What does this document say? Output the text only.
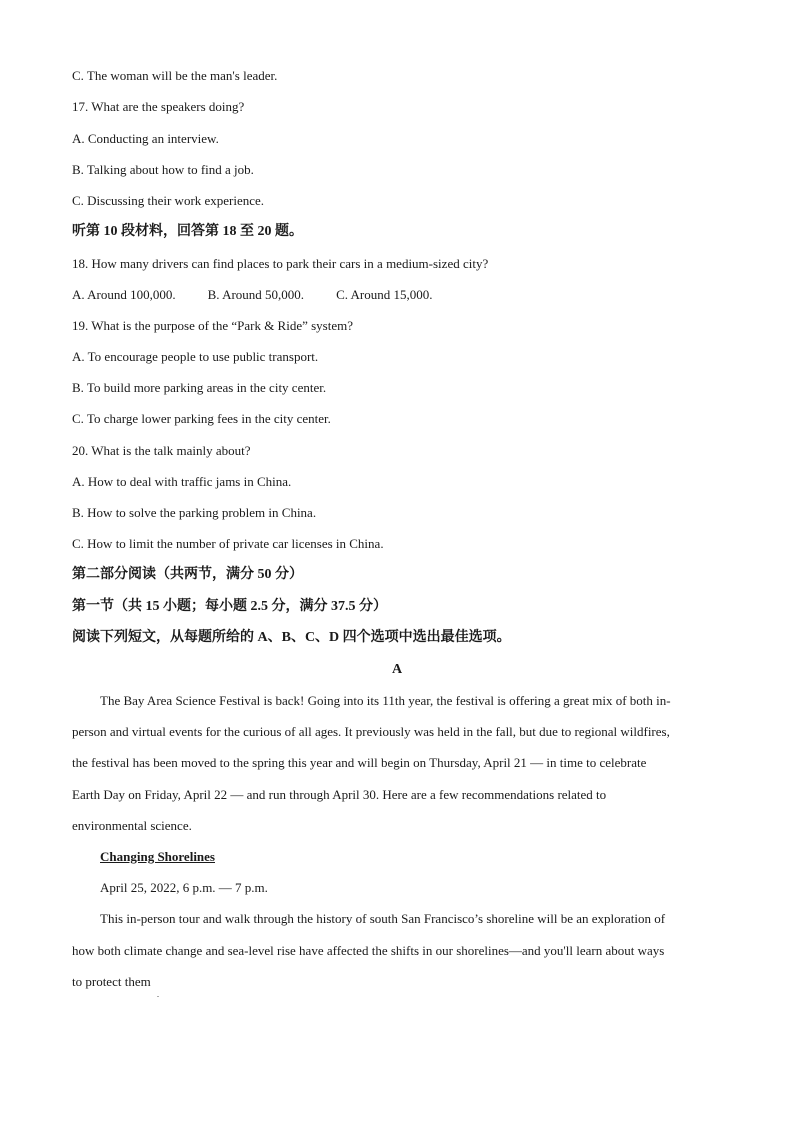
C. The woman will be the man's leader.
17. What are the speakers doing?
A. Conducting an interview.
B. Talking about how to find a job.
C. Discussing their work experience.
听第 10 段材料，回答第 18 至 20 题。
18. How many drivers can find places to park their cars in a medium-sized city?
A. Around 100,000. B. Around 50,000. C. Around 15,000.
19. What is the purpose of the “Park & Ride” system?
A. To encourage people to use public transport.
B. To build more parking areas in the city center.
C. To charge lower parking fees in the city center.
20. What is the talk mainly about?
A. How to deal with traffic jams in China.
B. How to solve the parking problem in China.
C. How to limit the number of private car licenses in China.
第二部分阅读（共两节，满分 50 分）
第一节（共 15 小题；每小题 2.5 分，满分 37.5 分）
阅读下列短文，从每题所给的 A、B、C、D 四个选项中选出最佳选项。
A
The Bay Area Science Festival is back! Going into its 11th year, the festival is offering a great mix of both in-
person and virtual events for the curious of all ages. It previously was held in the fall, but due to regional wildfires,
the festival has been moved to the spring this year and will begin on Thursday, April 21 — in time to celebrate
Earth Day on Friday, April 22 — and run through April 30. Here are a few recommendations related to
environmental science.
Changing Shorelines
April 25, 2022, 6 p.m. — 7 p.m.
This in-person tour and walk through the history of south San Francisco’s shoreline will be an exploration of
how both climate change and sea-level rise have affected the shifts in our shorelines—and you'll learn about ways
to protect them
.
